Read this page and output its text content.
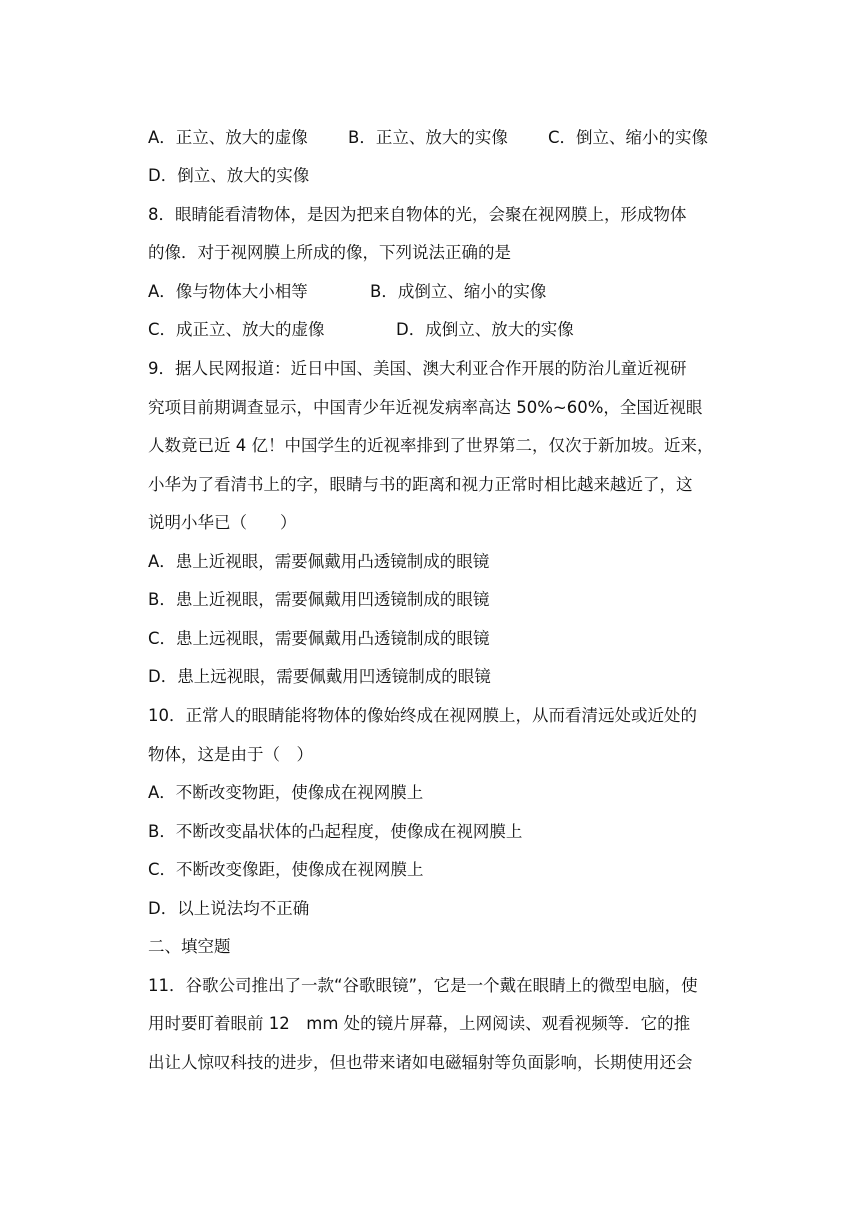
A．正立、放大的虚像 B．正立、放大的实像 C．倒立、缩小的实像
D．倒立、放大的实像
8．眼睛能看清物体，是因为把来自物体的光，会聚在视网膜上，形成物体
的像．对于视网膜上所成的像，下列说法正确的是
A．像与物体大小相等	B．成倒立、缩小的实像
C．成正立、放大的虚像	D．成倒立、放大的实像
9．据人民网报道：近日中国、美国、澳大利亚合作开展的防治儿童近视研
究项目前期调查显示，中国青少年近视发病率高达 50%~60%，全国近视眼
人数竟已近 4 亿！中国学生的近视率排到了世界第二，仅次于新加坡。近来，
小华为了看清书上的字，眼睛与书的距离和视力正常时相比越来越近了，这
说明小华已（　　）
A．患上近视眼，需要佩戴用凸透镜制成的眼镜
B．患上近视眼，需要佩戴用凹透镜制成的眼镜
C．患上远视眼，需要佩戴用凸透镜制成的眼镜
D．患上远视眼，需要佩戴用凹透镜制成的眼镜
10．正常人的眼睛能将物体的像始终成在视网膜上，从而看清远处或近处的
物体，这是由于（　）
A．不断改变物距，使像成在视网膜上
B．不断改变晶状体的凸起程度，使像成在视网膜上
C．不断改变像距，使像成在视网膜上
D．以上说法均不正确
二、填空题
11．谷歌公司推出了一款“谷歌眼镜”，它是一个戴在眼睛上的微型电脑，使
用时要盯着眼前 12　mm 处的镜片屏幕，上网阅读、观看视频等．它的推
出让人惊叹科技的进步，但也带来诸如电磁辐射等负面影响，长期使用还会
